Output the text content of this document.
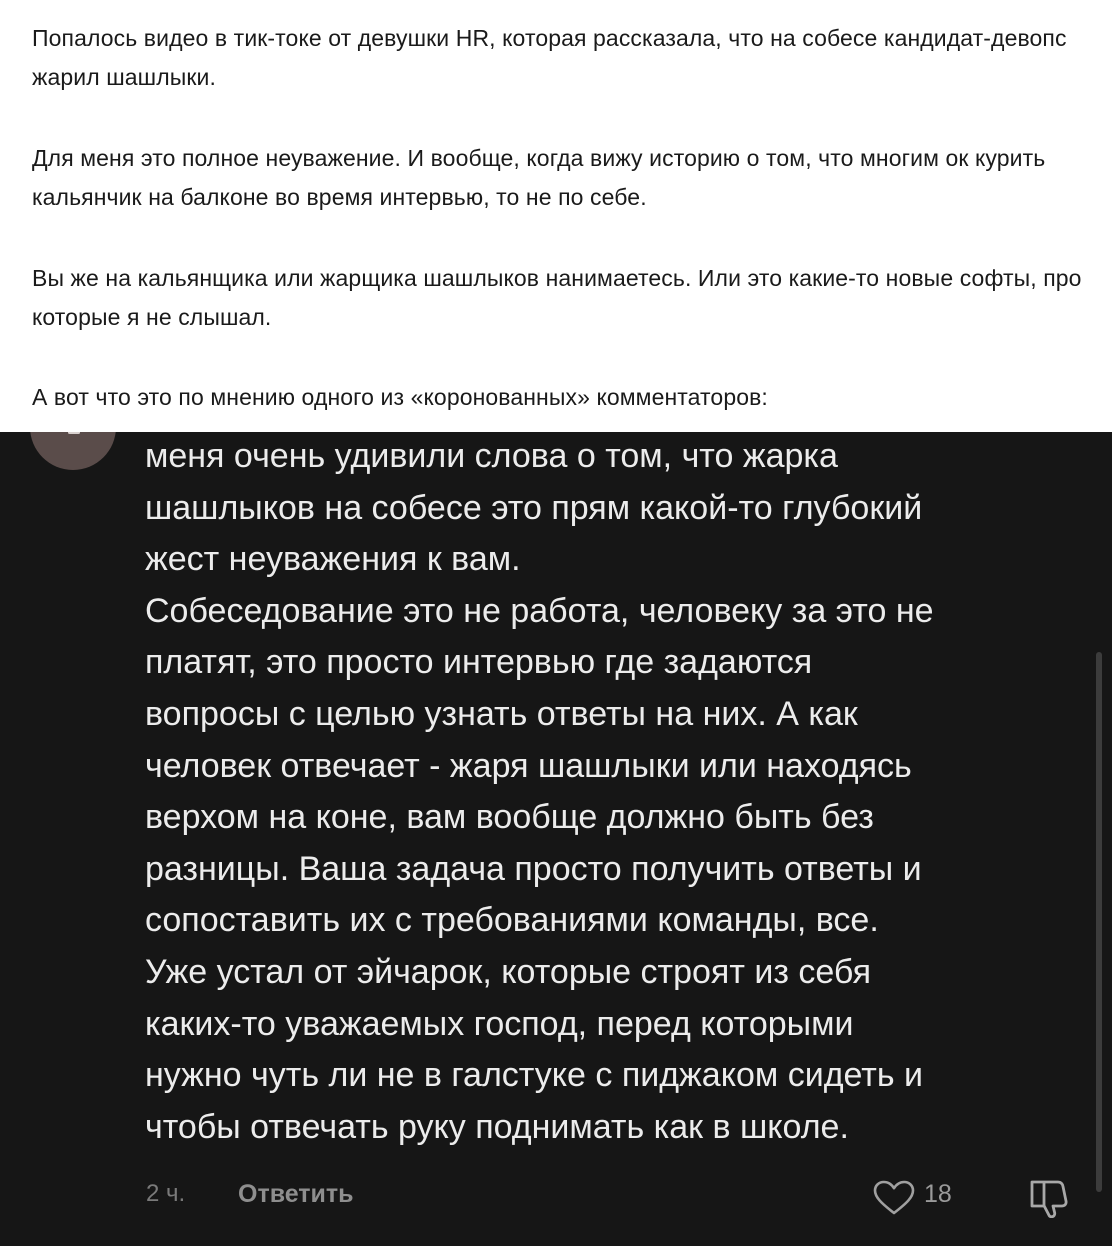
Попалось видео в тик-токе от девушки HR, которая рассказала, что на собесе кандидат-девопс жарил шашлыки.

Для меня это полное неуважение. И вообще, когда вижу историю о том, что многим ок курить кальянчик на балконе во время интервью, то не по себе.

Вы же на кальянщика или жарщика шашлыков нанимаетесь. Или это какие-то новые софты, про которые я не слышал.

А вот что это по мнению одного из «коронованных» комментаторов:

меня очень удивили слова о том, что жарка
шашлыков на собесе это прям какой-то глубокий
жест неуважения к вам.
Собеседование это не работа, человеку за это не
платят, это просто интервью где задаются
вопросы с целью узнать ответы на них. А как
человек отвечает - жаря шашлыки или находясь
верхом на коне, вам вообще должно быть без
разницы. Ваша задача просто получить ответы и
сопоставить их с требованиями команды, все.
Уже устал от эйчарок, которые строят из себя
каких-то уважаемых господ, перед которыми
нужно чуть ли не в галстуке с пиджаком сидеть и
чтобы отвечать руку поднимать как в школе.
2 ч. Ответить	18
